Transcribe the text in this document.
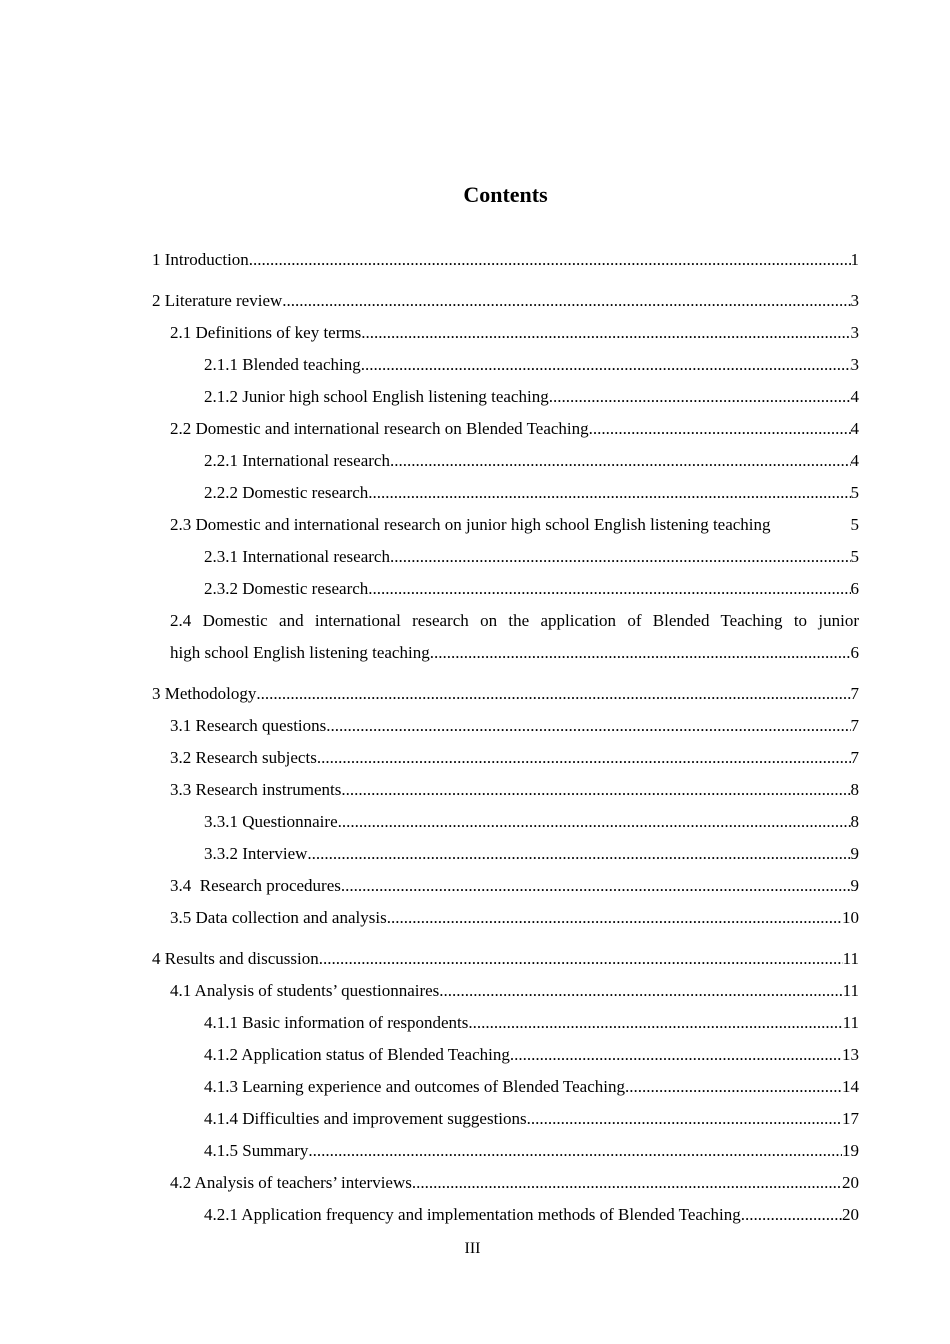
Contents
1 Introduction .....	1
2 Literature review .....	3
2.1 Definitions of key terms .....	3
2.1.1 Blended teaching .....	3
2.1.2 Junior high school English listening teaching .....	4
2.2 Domestic and international research on Blended Teaching .....	4
2.2.1 International research .....	4
2.2.2 Domestic research .....	5
2.3 Domestic and international research on junior high school English listening teaching	5
2.3.1 International research .....	5
2.3.2 Domestic research .....	6
2.4 Domestic and international research on the application of Blended Teaching to junior
high school English listening teaching .....	6
3 Methodology .....	7
3.1 Research questions .....	7
3.2 Research subjects .....	7
3.3 Research instruments .....	8
3.3.1 Questionnaire .....	8
3.3.2 Interview .....	9
3.4  Research procedures .....	9
3.5 Data collection and analysis .....	10
4 Results and discussion .....	11
4.1 Analysis of students’ questionnaires .....	11
4.1.1 Basic information of respondents .....	11
4.1.2 Application status of Blended Teaching .....	13
4.1.3 Learning experience and outcomes of Blended Teaching .....	14
4.1.4 Difficulties and improvement suggestions .....	17
4.1.5 Summary .....	19
4.2 Analysis of teachers’ interviews .....	20
4.2.1 Application frequency and implementation methods of Blended Teaching .....	20
III
